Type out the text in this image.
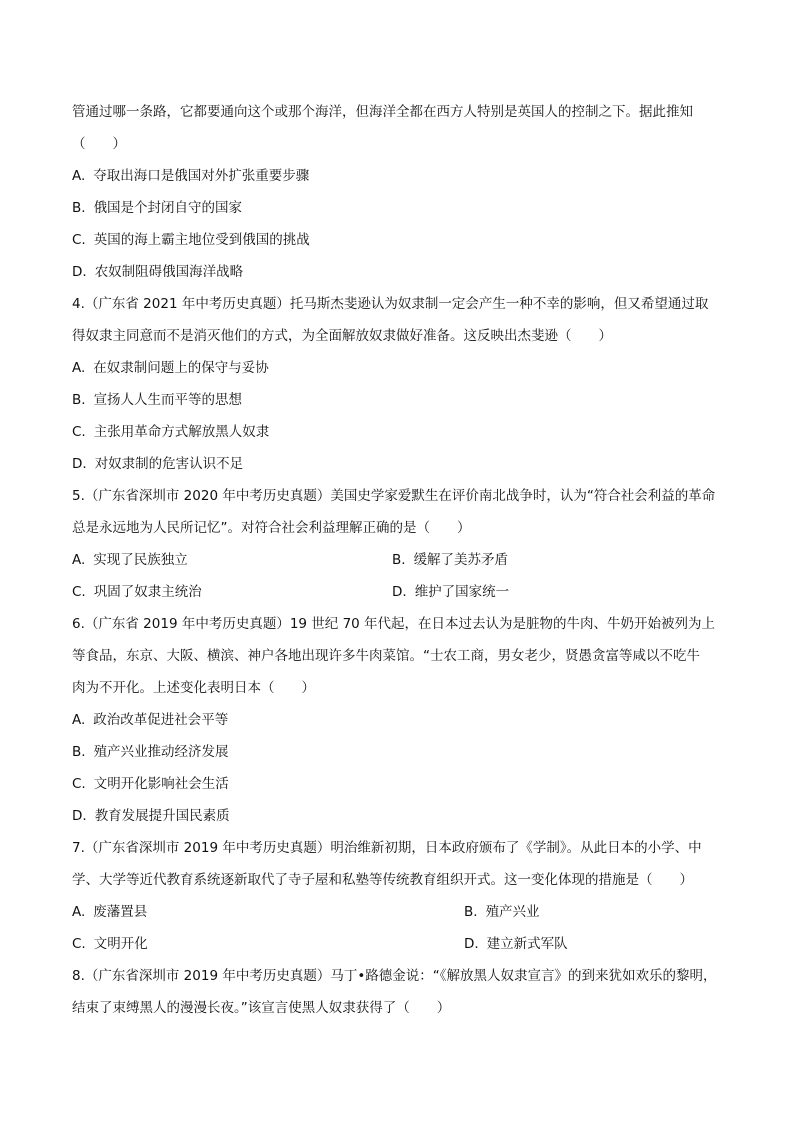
管通过哪一条路，它都要通向这个或那个海洋，但海洋全都在西方人特别是英国人的控制之下。据此推知
（　　）
A. 夺取出海口是俄国对外扩张重要步骤
B. 俄国是个封闭自守的国家
C. 英国的海上霸主地位受到俄国的挑战
D. 农奴制阻碍俄国海洋战略
4.（广东省 2021 年中考历史真题）托马斯杰斐逊认为奴隶制一定会产生一种不幸的影响，但又希望通过取
得奴隶主同意而不是消灭他们的方式，为全面解放奴隶做好准备。这反映出杰斐逊（　　）
A. 在奴隶制问题上的保守与妥协
B. 宣扬人人生而平等的思想
C. 主张用革命方式解放黑人奴隶
D. 对奴隶制的危害认识不足
5.（广东省深圳市 2020 年中考历史真题）美国史学家爱默生在评价南北战争时，认为“符合社会利益的革命
总是永远地为人民所记忆”。对符合社会利益理解正确的是（　　）
A. 实现了民族独立	B. 缓解了美苏矛盾
C. 巩固了奴隶主统治	D. 维护了国家统一
6.（广东省 2019 年中考历史真题）19 世纪 70 年代起，在日本过去认为是脏物的牛肉、牛奶开始被列为上
等食品，东京、大阪、横滨、神户各地出现许多牛肉菜馆。“士农工商，男女老少，贤愚贪富等咸以不吃牛
肉为不开化。上述变化表明日本（　　）
A. 政治改革促进社会平等
B. 殖产兴业推动经济发展
C. 文明开化影响社会生活
D. 教育发展提升国民素质
7.（广东省深圳市 2019 年中考历史真题）明治维新初期，日本政府颁布了《学制》。从此日本的小学、中
学、大学等近代教育系统逐新取代了寺子屋和私塾等传统教育组织开式。这一变化体现的措施是（　　）
A. 废藩置县	B. 殖产兴业
C. 文明开化	D. 建立新式军队
8.（广东省深圳市 2019 年中考历史真题）马丁•路德金说：“《解放黑人奴隶宣言》的到来犹如欢乐的黎明，
结束了束缚黑人的漫漫长夜。”该宣言使黑人奴隶获得了（　　）
